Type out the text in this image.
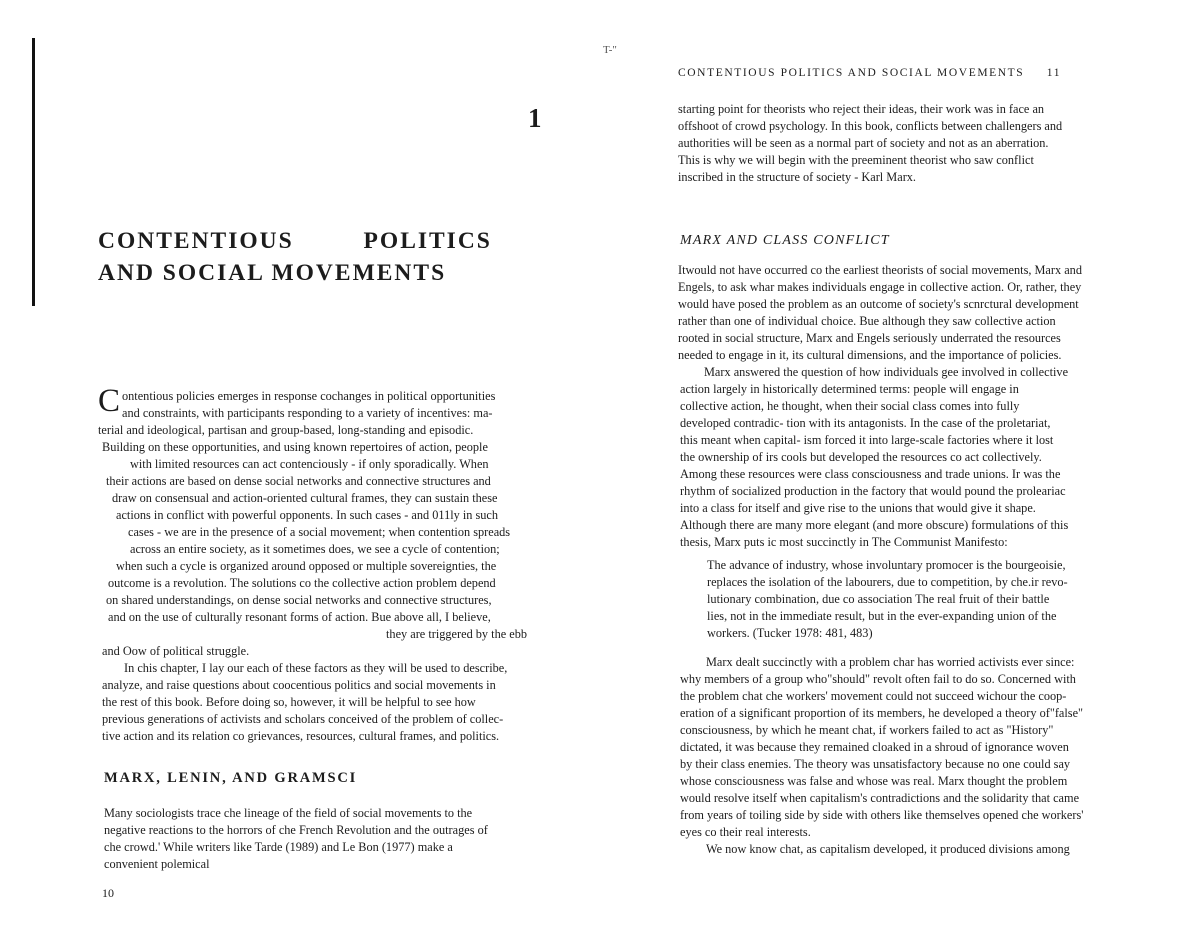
T-"
CONTENTIOUS POLITICS AND SOCIAL MOVEMENTS 11
1
CONTENTIOUS POLITICS
AND SOCIAL MOVEMENTS
C ontentious policies emerges in response cochanges in political opportunities
and constraints, with participants responding to a variety of incentives: ma-
terial and ideological, partisan and group-based, long-standing and episodic.
Building on these opportunities, and using known repertoires of action, people
with limited resources can act contenciously - if only sporadically. When
their actions are based on dense social networks and connective structures and
draw on consensual and action-oriented cultural frames, they can sustain these
actions in conflict with powerful opponents. In such cases - and 011ly in such
cases - we are in the presence of a social movement; when contention spreads
across an entire society, as it sometimes does, we see a cycle of contention;
when such a cycle is organized around opposed or multiple sovereignties, the
outcome is a revolution. The solutions co the collective action problem depend
on shared understandings, on dense social networks and connective structures,
and on the use of culturally resonant forms of action. Bue above all, I believe,
they are triggered by the ebb
and Oow of political struggle.
In chis chapter, I lay our each of these factors as they will be used to describe,
analyze, and raise questions about coocentious politics and social movements in
the rest of this book. Before doing so, however, it will be helpful to see how
previous generations of activists and scholars conceived of the problem of collec-
tive action and its relation co grievances, resources, cultural frames, and politics.
MARX, LENIN, AND GRAMSCI
Many sociologists trace che lineage of the field of social movements to the
negative reactions to the horrors of che French Revolution and the outrages of
che crowd.' While writers like Tarde (1989) and Le Bon (1977) make a
convenient polemical
10
starting point for theorists who reject their ideas, their work was in face an
offshoot of crowd psychology. In this book, conflicts between challengers and
authorities will be seen as a normal part of society and not as an aberration.
This is why we will begin with the preeminent theorist who saw conflict
inscribed in the structure of society - Karl Marx.
MARX AND CLASS CONFLICT
Itwould not have occurred co the earliest theorists of social movements, Marx and
Engels, to ask whar makes individuals engage in collective action. Or, rather, they
would have posed the problem as an outcome of society's scnrctural development
rather than one of individual choice. Bue although they saw collective action
rooted in social structure, Marx and Engels seriously underrated the resources
needed to engage in it, its cultural dimensions, and the importance of policies.
Marx answered the question of how individuals gee involved in collective
action largely in historically determined terms: people will engage in
collective action, he thought, when their social class comes into fully
developed contradic- tion with its antagonists. In the case of the proletariat,
this meant when capital- ism forced it into large-scale factories where it lost
the ownership of irs cools but developed the resources co act collectively.
Among these resources were class consciousness and trade unions. Ir was the
rhythm of socialized production in the factory that would pound the proleariac
into a class for itself and give rise to the unions that would give it shape.
Although there are many more elegant (and more obscure) formulations of this
thesis, Marx puts ic most succinctly in The Communist Manifesto:
The advance of industry, whose involuntary promocer is the bourgeoisie,
replaces the isolation of the labourers, due to competition, by che.ir revo-
lutionary combination, due co association The real fruit of their battle
lies, not in the immediate result, but in the ever-expanding union of the
workers. (Tucker 1978: 481, 483)
Marx dealt succinctly with a problem char has worried activists ever since:
why members of a group who"should" revolt often fail to do so. Concerned with
the problem chat che workers' movement could not succeed wichour the coop-
eration of a significant proportion of its members, he developed a theory of"false"
consciousness, by which he meant chat, if workers failed to act as "History"
dictated, it was because they remained cloaked in a shroud of ignorance woven
by their class enemies. The theory was unsatisfactory because no one could say
whose consciousness was false and whose was real. Marx thought the problem
would resolve itself when capitalism's contradictions and the solidarity that came
from years of toiling side by side with others like themselves opened che workers'
eyes co their real interests.
We now know chat, as capitalism developed, it produced divisions among
